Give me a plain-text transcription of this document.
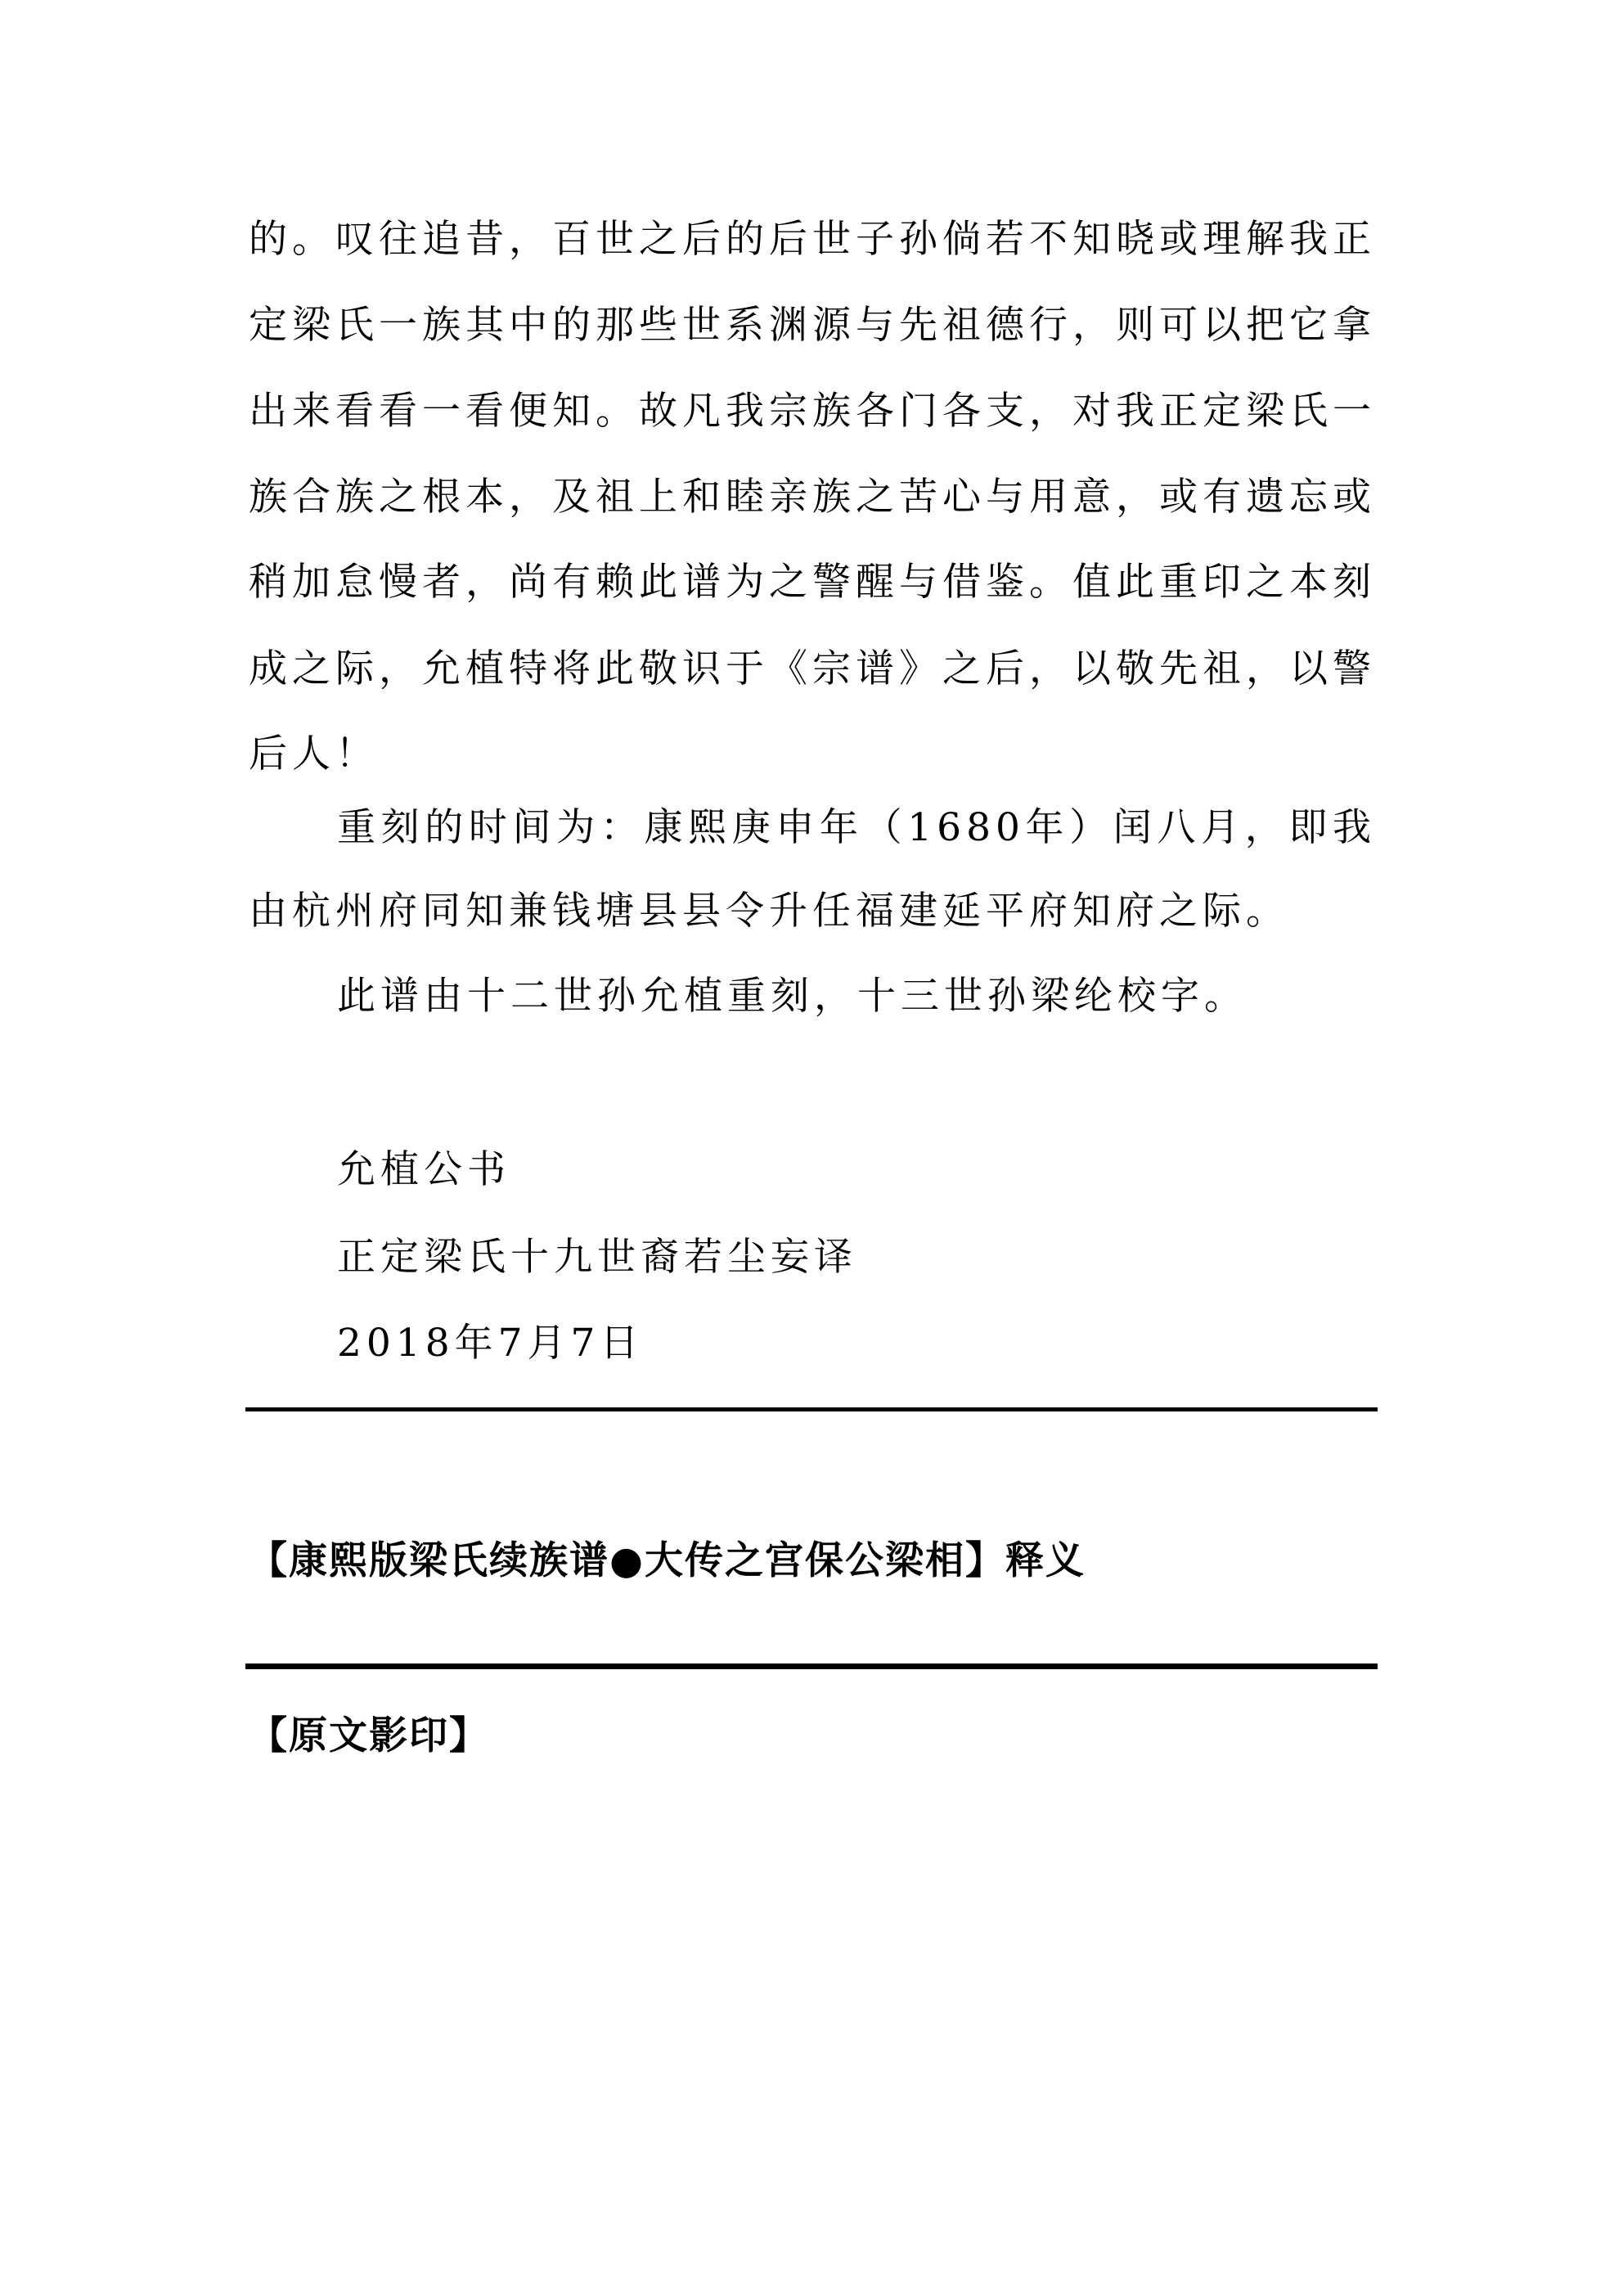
的。叹往追昔，百世之后的后世子孙倘若不知晓或理解我正
定梁氏一族其中的那些世系渊源与先祖德行，则可以把它拿
出来看看一看便知。故凡我宗族各门各支，对我正定梁氏一
族合族之根本，及祖上和睦亲族之苦心与用意，或有遗忘或
稍加怠慢者，尚有赖此谱为之警醒与借鉴。值此重印之本刻
成之际，允植特将此敬识于《宗谱》之后，以敬先祖，以警
后人！
重刻的时间为：康熙庚申年（1680年）闰八月，即我
由杭州府同知兼钱塘县县令升任福建延平府知府之际。
此谱由十二世孙允植重刻，十三世孙梁纶校字。
允植公书
正定梁氏十九世裔若尘妄译
2018年7月7日
【康熙版梁氏续族谱●大传之宫保公梁相】释义
【原文影印】
